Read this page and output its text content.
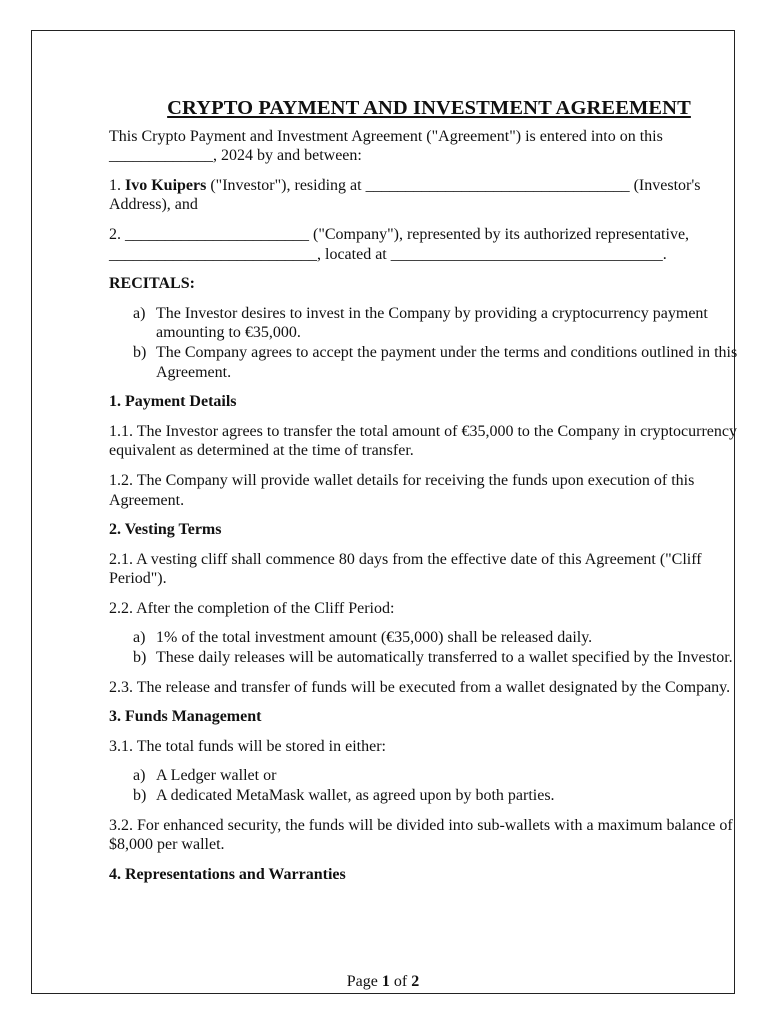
CRYPTO PAYMENT AND INVESTMENT AGREEMENT

This Crypto Payment and Investment Agreement ("Agreement") is entered into on this _____________, 2024 by and between:

1. Ivo Kuipers ("Investor"), residing at _________________________________ (Investor's Address), and

2. _______________________ ("Company"), represented by its authorized representative, __________________________, located at __________________________________.

RECITALS:
a) The Investor desires to invest in the Company by providing a cryptocurrency payment amounting to €35,000.
b) The Company agrees to accept the payment under the terms and conditions outlined in this Agreement.
1. Payment Details

1.1. The Investor agrees to transfer the total amount of €35,000 to the Company in cryptocurrency equivalent as determined at the time of transfer.

1.2. The Company will provide wallet details for receiving the funds upon execution of this Agreement.

2. Vesting Terms

2.1. A vesting cliff shall commence 80 days from the effective date of this Agreement ("Cliff Period").

2.2. After the completion of the Cliff Period:

a) 1% of the total investment amount (€35,000) shall be released daily.
b) These daily releases will be automatically transferred to a wallet specified by the Investor.

2.3. The release and transfer of funds will be executed from a wallet designated by the Company.

3. Funds Management

3.1. The total funds will be stored in either:

a) A Ledger wallet or
b) A dedicated MetaMask wallet, as agreed upon by both parties.

3.2. For enhanced security, the funds will be divided into sub-wallets with a maximum balance of $8,000 per wallet.

4. Representations and Warranties
Page 1 of 2
